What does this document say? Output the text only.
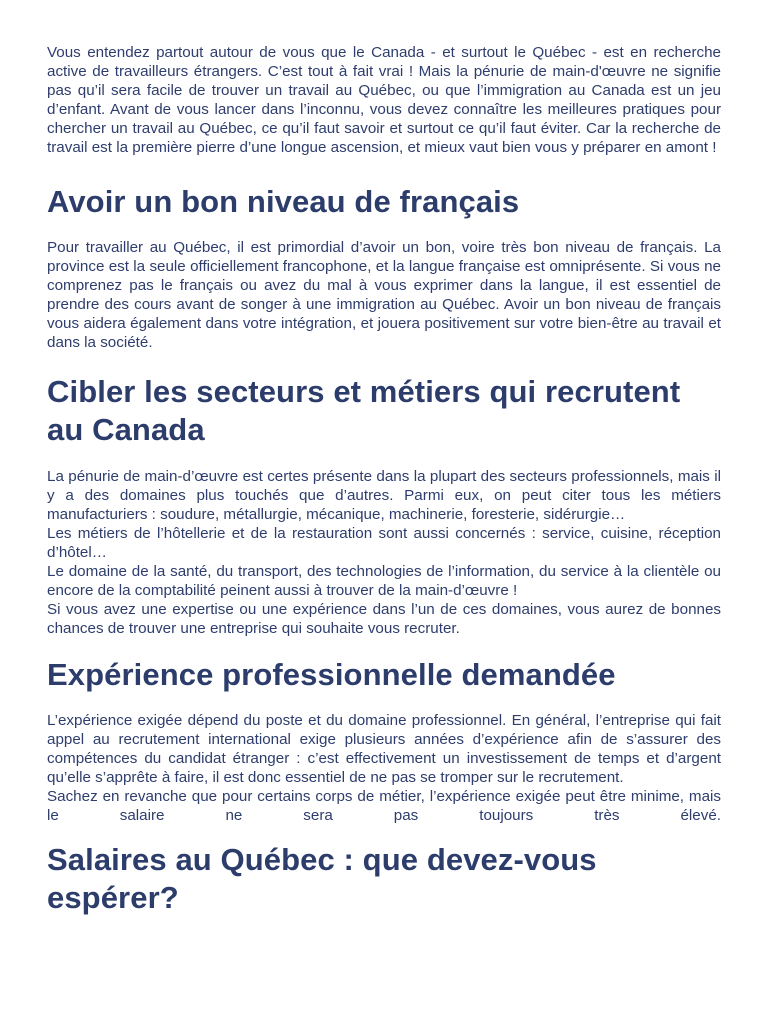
Vous entendez partout autour de vous que le Canada - et surtout le Québec - est en recherche active de travailleurs étrangers. C’est tout à fait vrai ! Mais la pénurie de main-d'œuvre ne signifie pas qu’il sera facile de trouver un travail au Québec, ou que l’immigration au Canada est un jeu d’enfant. Avant de vous lancer dans l’inconnu, vous devez connaître les meilleures pratiques pour chercher un travail au Québec, ce qu’il faut savoir et surtout ce qu’il faut éviter. Car la recherche de travail est la première pierre d’une longue ascension, et mieux vaut bien vous y préparer en amont !

Avoir un bon niveau de français

Pour travailler au Québec, il est primordial d’avoir un bon, voire très bon niveau de français. La province est la seule officiellement francophone, et la langue française est omniprésente. Si vous ne comprenez pas le français ou avez du mal à vous exprimer dans la langue, il est essentiel de prendre des cours avant de songer à une immigration au Québec. Avoir un bon niveau de français vous aidera également dans votre intégration, et jouera positivement sur votre bien-être au travail et dans la société.

Cibler les secteurs et métiers qui recrutent au Canada

La pénurie de main-d’œuvre est certes présente dans la plupart des secteurs professionnels, mais il y a des domaines plus touchés que d’autres. Parmi eux, on peut citer tous les métiers manufacturiers : soudure, métallurgie, mécanique, machinerie, foresterie, sidérurgie…

Les métiers de l’hôtellerie et de la restauration sont aussi concernés : service, cuisine, réception d’hôtel…

Le domaine de la santé, du transport, des technologies de l’information, du service à la clientèle ou encore de la comptabilité peinent aussi à trouver de la main-d’œuvre !

Si vous avez une expertise ou une expérience dans l’un de ces domaines, vous aurez de bonnes chances de trouver une entreprise qui souhaite vous recruter.

Expérience professionnelle demandée

L’expérience exigée dépend du poste et du domaine professionnel. En général, l’entreprise qui fait appel au recrutement international exige plusieurs années d’expérience afin de s’assurer des compétences du candidat étranger : c’est effectivement un investissement de temps et d’argent qu’elle s’apprête à faire, il est donc essentiel de ne pas se tromper sur le recrutement.

Sachez en revanche que pour certains corps de métier, l’expérience exigée peut être minime, mais le salaire ne sera pas toujours très élevé.

Salaires au Québec : que devez-vous espérer?
